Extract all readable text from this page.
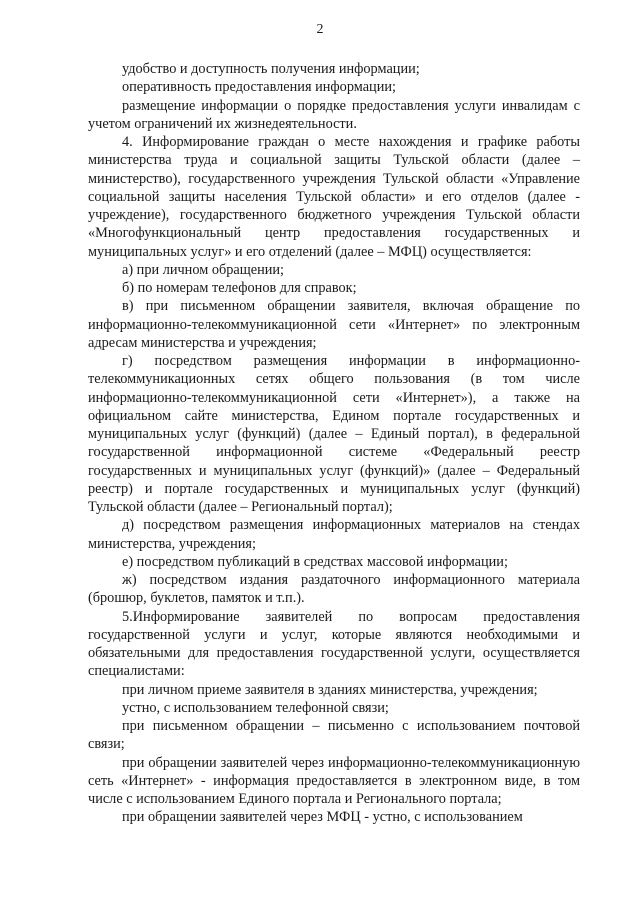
2

удобство и доступность получения информации;

оперативность предоставления информации;

размещение информации о порядке предоставления услуги инвалидам с учетом ограничений их жизнедеятельности.

4. Информирование граждан о месте нахождения и графике работы министерства труда и социальной защиты Тульской области (далее – министерство), государственного учреждения Тульской области «Управление социальной защиты населения Тульской области» и его отделов (далее - учреждение), государственного бюджетного учреждения Тульской области «Многофункциональный центр предоставления государственных и муниципальных услуг» и его отделений (далее – МФЦ) осуществляется:

а) при личном обращении;

б) по номерам телефонов для справок;

в) при письменном обращении заявителя, включая обращение по информационно-телекоммуникационной сети «Интернет» по электронным адресам министерства и учреждения;

г) посредством размещения информации в информационно-телекоммуникационных сетях общего пользования (в том числе информационно-телекоммуникационной сети «Интернет»), а также на официальном сайте министерства, Едином портале государственных и муниципальных услуг (функций) (далее – Единый портал), в федеральной государственной информационной системе «Федеральный реестр государственных и муниципальных услуг (функций)» (далее – Федеральный реестр) и портале государственных и муниципальных услуг (функций) Тульской области (далее – Региональный портал);

д) посредством размещения информационных материалов на стендах министерства, учреждения;

е) посредством публикаций в средствах массовой информации;

ж) посредством издания раздаточного информационного материала (брошюр, буклетов, памяток и т.п.).

5.Информирование заявителей по вопросам предоставления государственной услуги и услуг, которые являются необходимыми и обязательными для предоставления государственной услуги, осуществляется специалистами:

при личном приеме заявителя в зданиях министерства, учреждения;

устно, с использованием телефонной связи;

при письменном обращении – письменно с использованием почтовой связи;

при обращении заявителей через информационно-телекоммуникационную сеть «Интернет» - информация предоставляется в электронном виде, в том числе с использованием Единого портала и Регионального портала;

при обращении заявителей через МФЦ - устно, с использованием
